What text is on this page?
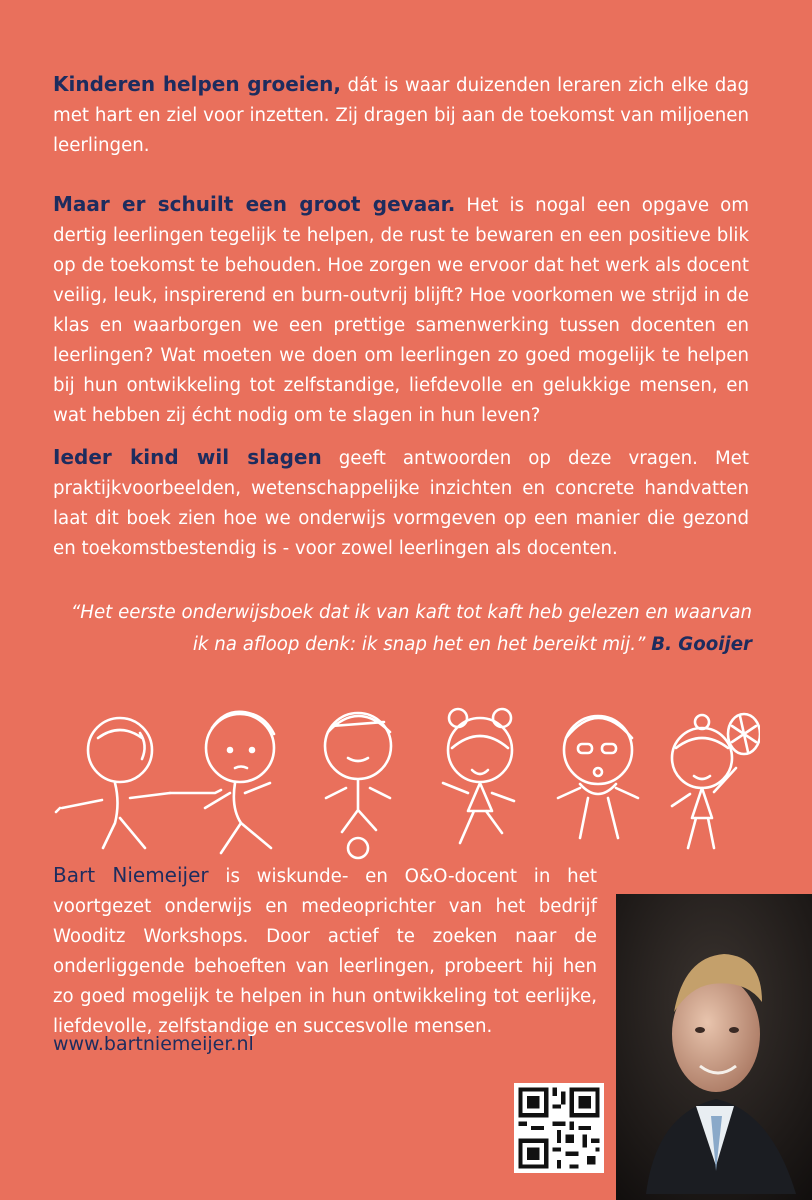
Kinderen helpen groeien, dát is waar duizenden leraren zich elke dag met hart en ziel voor inzetten. Zij dragen bij aan de toekomst van miljoenen leerlingen.

Maar er schuilt een groot gevaar. Het is nogal een opgave om dertig leerlingen tegelijk te helpen, de rust te bewaren en een positieve blik op de toekomst te behouden. Hoe zorgen we ervoor dat het werk als docent veilig, leuk, inspirerend en burn-outvrij blijft? Hoe voorkomen we strijd in de klas en waarborgen we een prettige samenwerking tussen docenten en leerlingen? Wat moeten we doen om leerlingen zo goed mogelijk te helpen bij hun ontwikkeling tot zelfstandige, liefdevolle en gelukkige mensen, en wat hebben zij écht nodig om te slagen in hun leven?

Ieder kind wil slagen geeft antwoorden op deze vragen. Met praktijkvoorbeelden, wetenschappelijke inzichten en concrete handvatten laat dit boek zien hoe we onderwijs vormgeven op een manier die gezond en toekomstbestendig is - voor zowel leerlingen als docenten.

“Het eerste onderwijsboek dat ik van kaft tot kaft heb gelezen en waarvan ik na afloop denk: ik snap het en het bereikt mij.” B. Gooijer

Bart Niemeijer is wiskunde- en O&O-docent in het voortgezet onderwijs en medeoprichter van het bedrijf Wooditz Workshops. Door actief te zoeken naar de onderliggende behoeften van leerlingen, probeert hij hen zo goed mogelijk te helpen in hun ontwikkeling tot eerlijke, liefdevolle, zelfstandige en succesvolle mensen.

www.bartniemeijer.nl
